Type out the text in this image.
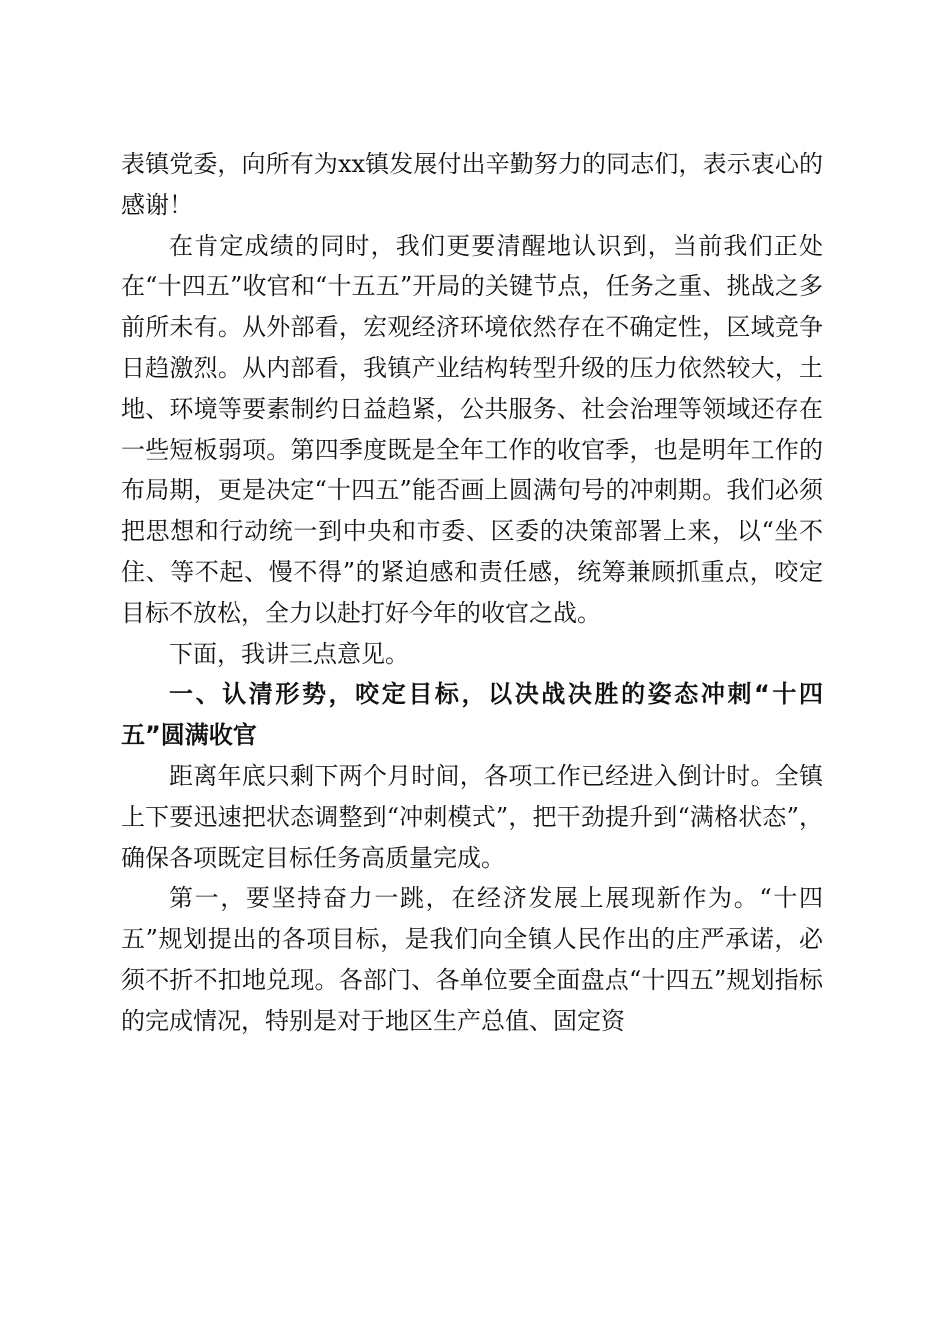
表镇党委，向所有为xx镇发展付出辛勤努力的同志们，表示衷心的感谢！

在肯定成绩的同时，我们更要清醒地认识到，当前我们正处在“十四五”收官和“十五五”开局的关键节点，任务之重、挑战之多前所未有。从外部看，宏观经济环境依然存在不确定性，区域竞争日趋激烈。从内部看，我镇产业结构转型升级的压力依然较大，土地、环境等要素制约日益趋紧，公共服务、社会治理等领域还存在一些短板弱项。第四季度既是全年工作的收官季，也是明年工作的布局期，更是决定“十四五”能否画上圆满句号的冲刺期。我们必须把思想和行动统一到中央和市委、区委的决策部署上来，以“坐不住、等不起、慢不得”的紧迫感和责任感，统筹兼顾抓重点，咬定目标不放松，全力以赴打好今年的收官之战。

下面，我讲三点意见。

一、认清形势，咬定目标，以决战决胜的姿态冲刺“十四五”圆满收官

距离年底只剩下两个月时间，各项工作已经进入倒计时。全镇上下要迅速把状态调整到“冲刺模式”，把干劲提升到“满格状态”，确保各项既定目标任务高质量完成。

第一，要坚持奋力一跳，在经济发展上展现新作为。“十四五”规划提出的各项目标，是我们向全镇人民作出的庄严承诺，必须不折不扣地兑现。各部门、各单位要全面盘点“十四五”规划指标的完成情况，特别是对于地区生产总值、固定资
